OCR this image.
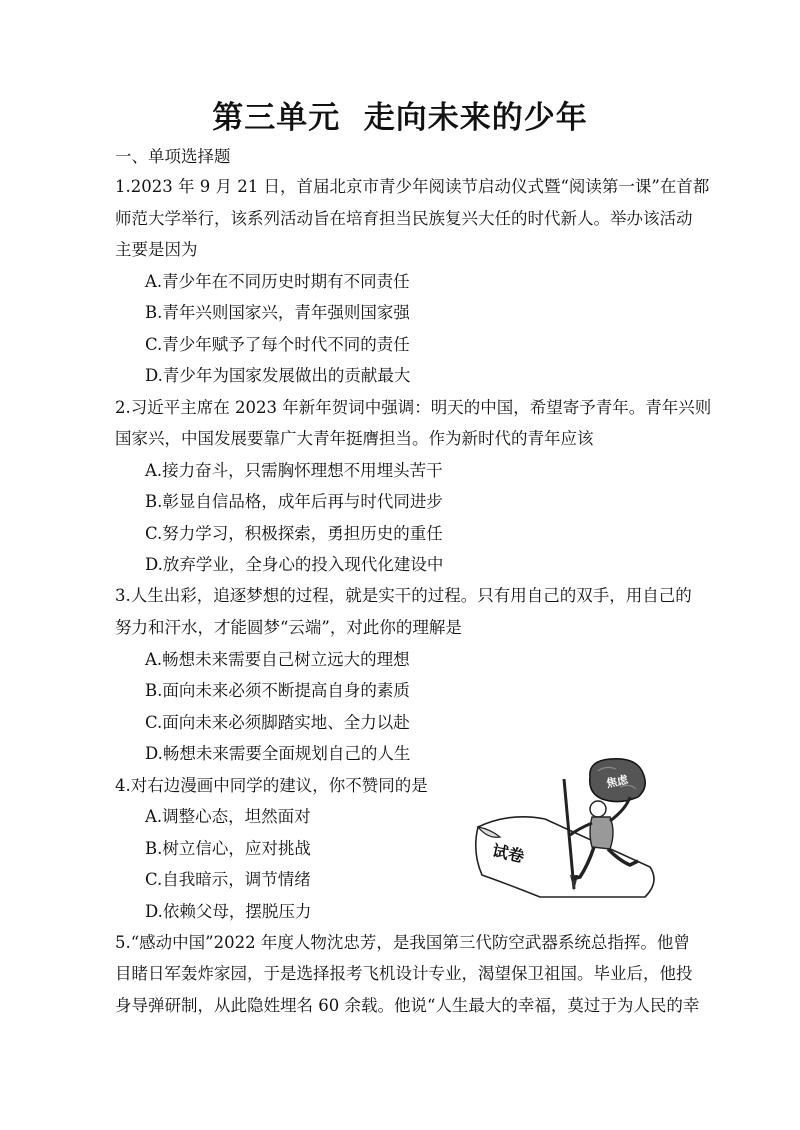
第三单元  走向未来的少年
一、单项选择题
1.2023 年 9 月 21 日，首届北京市青少年阅读节启动仪式暨“阅读第一课”在首都
师范大学举行，该系列活动旨在培育担当民族复兴大任的时代新人。举办该活动
主要是因为
A.青少年在不同历史时期有不同责任
B.青年兴则国家兴，青年强则国家强
C.青少年赋予了每个时代不同的责任
D.青少年为国家发展做出的贡献最大
2.习近平主席在 2023 年新年贺词中强调：明天的中国，希望寄予青年。青年兴则
国家兴，中国发展要靠广大青年挺膺担当。作为新时代的青年应该
A.接力奋斗，只需胸怀理想不用埋头苦干
B.彰显自信品格，成年后再与时代同进步
C.努力学习，积极探索，勇担历史的重任
D.放弃学业，全身心的投入现代化建设中
3.人生出彩，追逐梦想的过程，就是实干的过程。只有用自己的双手，用自己的
努力和汗水，才能圆梦“云端”，对此你的理解是
A.畅想未来需要自己树立远大的理想
B.面向未来必须不断提高自身的素质
C.面向未来必须脚踏实地、全力以赴
D.畅想未来需要全面规划自己的人生
4.对右边漫画中同学的建议，你不赞同的是
A.调整心态，坦然面对
B.树立信心，应对挑战
C.自我暗示，调节情绪
D.依赖父母，摆脱压力
试卷
焦虑
5.“感动中国”2022 年度人物沈忠芳，是我国第三代防空武器系统总指挥。他曾
目睹日军轰炸家园，于是选择报考飞机设计专业，渴望保卫祖国。毕业后，他投
身导弹研制，从此隐姓埋名 60 余载。他说“人生最大的幸福，莫过于为人民的幸
